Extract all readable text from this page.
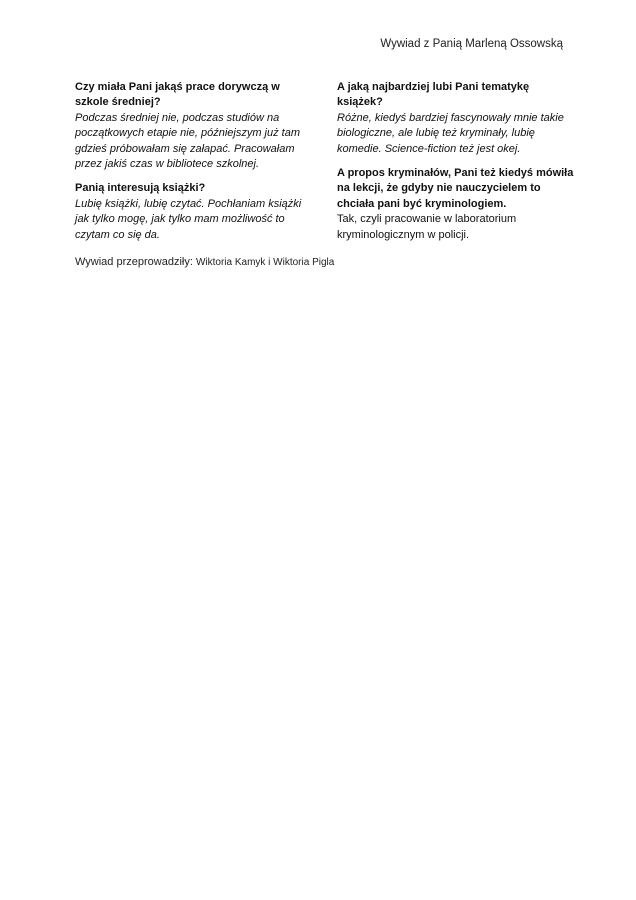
Wywiad z Panią Marleną Ossowską
Czy miała Pani jakąś prace dorywczą w szkole średniej?
Podczas średniej nie, podczas studiów na początkowych etapie nie, późniejszym już tam gdzieś próbowałam się załapać. Pracowałam przez jakiś czas w bibliotece szkolnej.
Panią interesują książki?
Lubię książki, lubię czytać. Pochłaniam książki jak tylko mogę, jak tylko mam możliwość to czytam co się da.
A jaką najbardziej lubi Pani tematykę książek?
Różne, kiedyś bardziej fascynowały mnie takie biologiczne, ale lubię też kryminały, lubię komedie. Science-fiction też jest okej.
A propos kryminałów, Pani też kiedyś mówiła na lekcji, że gdyby nie nauczycielem to chciała pani być kryminologiem.
Tak, czyli pracowanie w laboratorium kryminologicznym w policji.
Wywiad przeprowadziły: Wiktoria Kamyk i Wiktoria Pigla
